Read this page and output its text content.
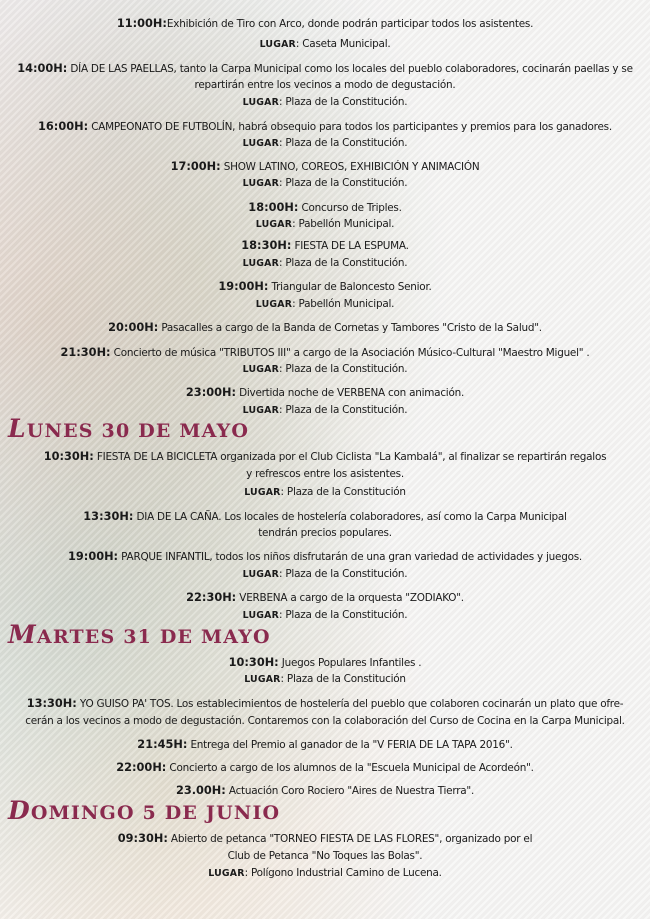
11:00H:Exhibición de Tiro con Arco, donde podrán participar todos los asistentes.
LUGAR: Caseta Municipal.
14:00H: DÍA DE LAS PAELLAS, tanto la Carpa Municipal como los locales del pueblo colaboradores, cocinarán paellas y se
repartirán entre los vecinos a modo de degustación.
LUGAR: Plaza de la Constitución.
16:00H: CAMPEONATO DE FUTBOLÍN, habrá obsequio para todos los participantes y premios para los ganadores.
LUGAR: Plaza de la Constitución.
17:00H: SHOW LATINO, COREOS, EXHIBICIÓN Y ANIMACIÓN
LUGAR: Plaza de la Constitución.
18:00H: Concurso de Triples.
LUGAR: Pabellón Municipal.
18:30H: FIESTA DE LA ESPUMA.
LUGAR: Plaza de la Constitución.
19:00H: Triangular de Baloncesto Senior.
LUGAR: Pabellón Municipal.
20:00H: Pasacalles a cargo de la Banda de Cornetas y Tambores "Cristo de la Salud".
21:30H: Concierto de música "TRIBUTOS III" a cargo de la Asociación Músico-Cultural "Maestro Miguel" .
LUGAR: Plaza de la Constitución.
23:00H: Divertida noche de VERBENA con animación.
LUGAR: Plaza de la Constitución.
LUNES 30 DE MAYO
10:30H: FIESTA DE LA BICICLETA organizada por el Club Ciclista "La Kambalá", al finalizar se repartirán regalos
y refrescos entre los asistentes.
LUGAR: Plaza de la Constitución
13:30H: DIA DE LA CAÑA. Los locales de hostelería colaboradores, así como la Carpa Municipal
tendrán precios populares.
19:00H: PARQUE INFANTIL, todos los niños disfrutarán de una gran variedad de actividades y juegos.
LUGAR: Plaza de la Constitución.
22:30H: VERBENA a cargo de la orquesta "ZODIAKO".
LUGAR: Plaza de la Constitución.
MARTES 31 DE MAYO
10:30H: Juegos Populares Infantiles .
LUGAR: Plaza de la Constitución
13:30H: YO GUISO PA' TOS. Los establecimientos de hostelería del pueblo que colaboren cocinarán un plato que ofre-
cerán a los vecinos a modo de degustación. Contaremos con la colaboración del Curso de Cocina en la Carpa Municipal.
21:45H: Entrega del Premio al ganador de la "V FERIA DE LA TAPA 2016".
22:00H: Concierto a cargo de los alumnos de la "Escuela Municipal de Acordeón".
23.00H: Actuación Coro Rociero "Aires de Nuestra Tierra".
DOMINGO 5 DE JUNIO
09:30H: Abierto de petanca "TORNEO FIESTA DE LAS FLORES", organizado por el
Club de Petanca "No Toques las Bolas".
LUGAR: Polígono Industrial Camino de Lucena.
